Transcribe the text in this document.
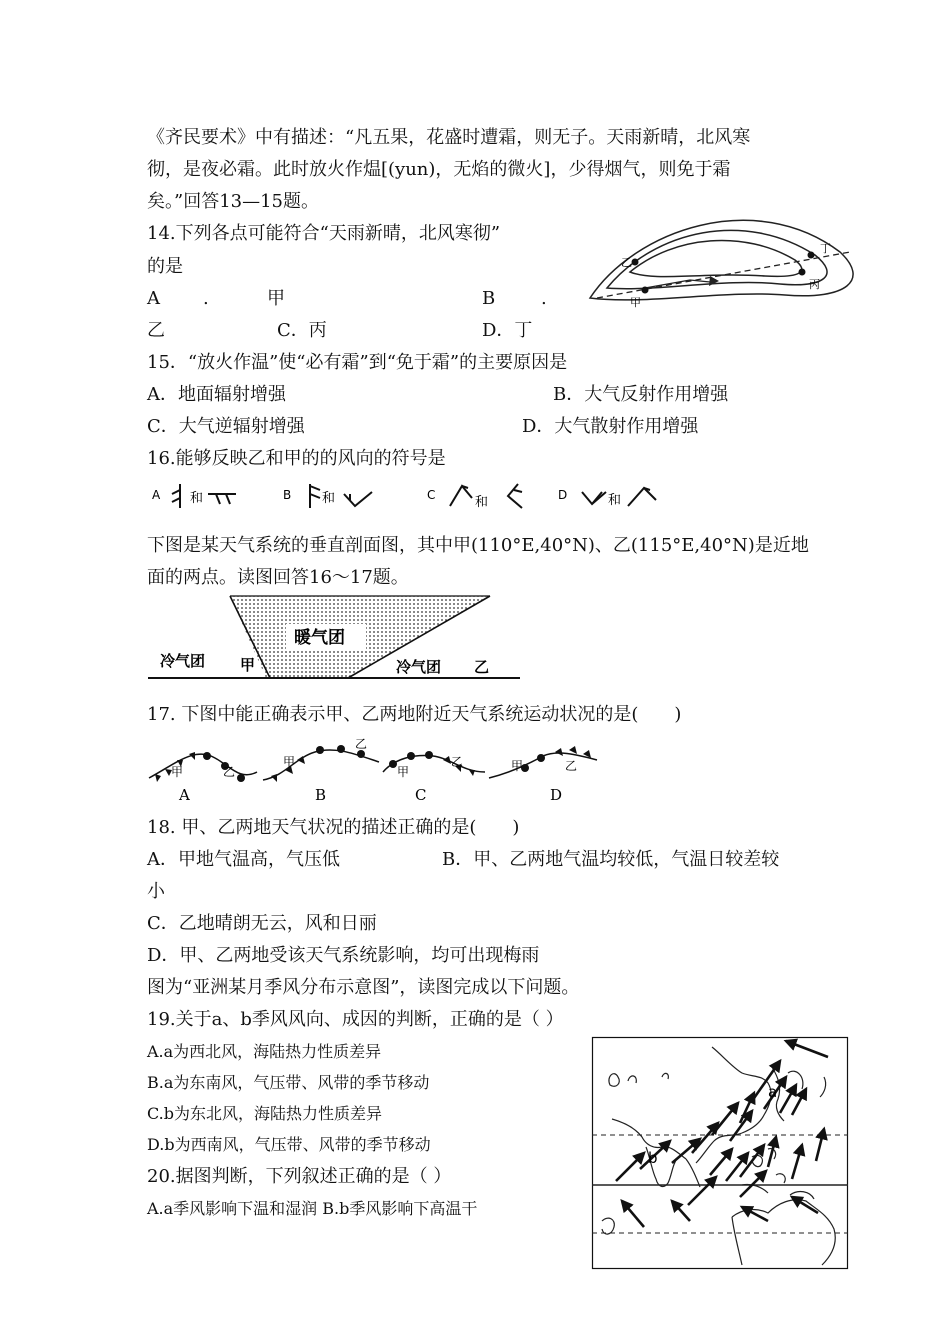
《齐民要术》中有描述：“凡五果，花盛时遭霜，则无子。天雨新晴，北风寒
彻，是夜必霜。此时放火作煴[(yun)，无焰的微火]，少得烟气，则免于霜
矣。”回答13—15题。
14.下列各点可能符合“天雨新晴，北风寒彻”
的是
A .	甲	B	.
乙	C．丙	D．丁
乙
丁
甲
丙
15．“放火作温”使“必有霜”到“免于霜”的主要原因是
A．地面辐射增强	B．大气反射作用增强
C．大气逆辐射增强	D．大气散射作用增强
16.能够反映乙和甲的的风向的符号是
A 和	B 和	C	和	D	和
下图是某天气系统的垂直剖面图，其中甲(110°E,40°N)、乙(115°E,40°N)是近地
面的两点。读图回答16～17题。
暖气团
冷气团 甲	冷气团 乙
17. 下图中能正确表示甲、乙两地附近天气系统运动状况的是(　　)
甲	乙
A
甲
乙
B
甲
乙
C
甲	乙
D
18. 甲、乙两地天气状况的描述正确的是(　　)
A．甲地气温高，气压低	B．甲、乙两地气温均较低，气温日较差较
小
C．乙地晴朗无云，风和日丽
D．甲、乙两地受该天气系统影响，均可出现梅雨
图为“亚洲某月季风分布示意图”，读图完成以下问题。
19.关于a、b季风风向、成因的判断，正确的是（ ）
A.a为西北风，海陆热力性质差异
B.a为东南风，气压带、风带的季节移动
C.b为东北风，海陆热力性质差异
D.b为西南风，气压带、风带的季节移动
20.据图判断，下列叙述正确的是（ ）
A.a季风影响下温和湿润 B.b季风影响下高温干
a
b
